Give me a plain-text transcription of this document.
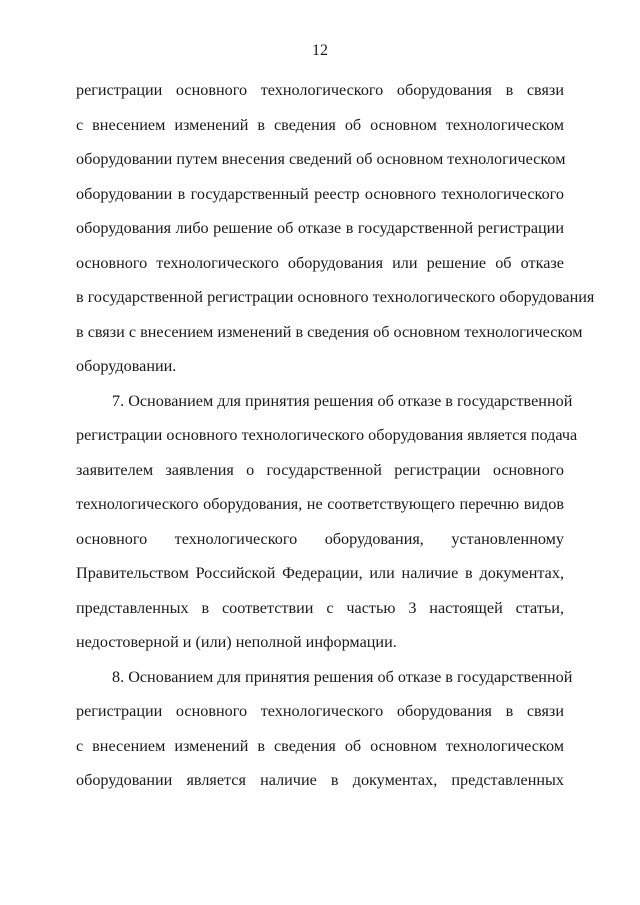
12
регистрации основного технологического оборудования в связи
с внесением изменений в сведения об основном технологическом
оборудовании путем внесения сведений об основном технологическом
оборудовании в государственный реестр основного технологического
оборудования либо решение об отказе в государственной регистрации
основного технологического оборудования или решение об отказе
в государственной регистрации основного технологического оборудования
в связи с внесением изменений в сведения об основном технологическом
оборудовании.
7. Основанием для принятия решения об отказе в государственной
регистрации основного технологического оборудования является подача
заявителем заявления о государственной регистрации основного
технологического оборудования, не соответствующего перечню видов
основного технологического оборудования, установленному
Правительством Российской Федерации, или наличие в документах,
представленных в соответствии с частью 3 настоящей статьи,
недостоверной и (или) неполной информации.
8. Основанием для принятия решения об отказе в государственной
регистрации основного технологического оборудования в связи
с внесением изменений в сведения об основном технологическом
оборудовании является наличие в документах, представленных
